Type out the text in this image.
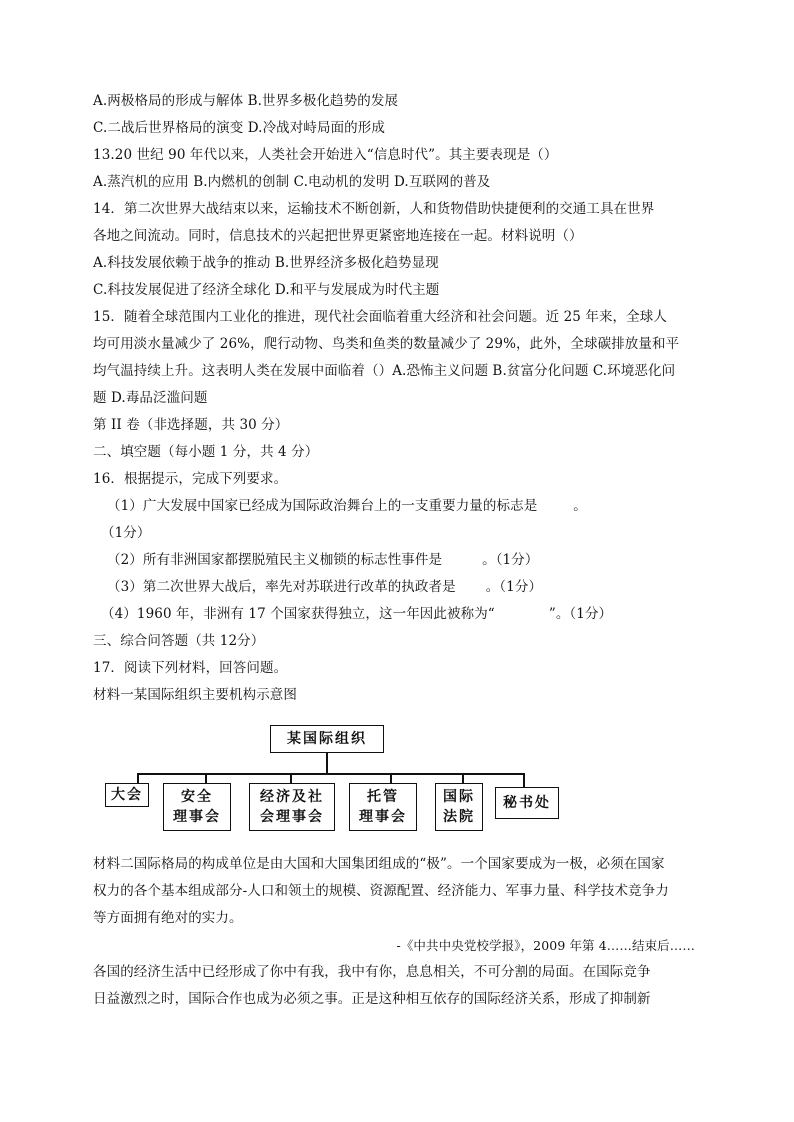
A.两极格局的形成与解体 B.世界多极化趋势的发展
C.二战后世界格局的演变 D.冷战对峙局面的形成
13.20 世纪 90 年代以来，人类社会开始进入“信息时代”。其主要表现是（）
A.蒸汽机的应用 B.内燃机的创制 C.电动机的发明 D.互联网的普及
14．第二次世界大战结束以来，运输技术不断创新，人和货物借助快捷便利的交通工具在世界
各地之间流动。同时，信息技术的兴起把世界更紧密地连接在一起。材料说明（）
A.科技发展依赖于战争的推动 B.世界经济多极化趋势显现
C.科技发展促进了经济全球化 D.和平与发展成为时代主题
15．随着全球范围内工业化的推进，现代社会面临着重大经济和社会问题。近 25 年来，全球人
均可用淡水量减少了 26%，爬行动物、鸟类和鱼类的数量减少了 29%，此外，全球碳排放量和平
均气温持续上升。这表明人类在发展中面临着（）A.恐怖主义问题 B.贫富分化问题 C.环境恶化问
题 D.毒品泛滥问题
第 II 卷（非选择题，共 30 分）
二、填空题（每小题 1 分，共 4 分）
16．根据提示，完成下列要求。
（1）广大发展中国家已经成为国际政治舞台上的一支重要力量的标志是	。
（1分）
（2）所有非洲国家都摆脱殖民主义枷锁的标志性事件是	。（1分）
（3）第二次世界大战后，率先对苏联进行改革的执政者是 。（1分）
（4）1960 年，非洲有 17 个国家获得独立，这一年因此被称为“	”。（1分）
三、综合问答题（共 12分）
17．阅读下列材料，回答问题。
材料一某国际组织主要机构示意图
某国际组织
大会	安全
理事会
经济及社
会理事会
托管
理事会
国际
法院
秘书处
材料二国际格局的构成单位是由大国和大国集团组成的“极”。一个国家要成为一极，必须在国家
权力的各个基本组成部分-人口和领土的规模、资源配置、经济能力、军事力量、科学技术竞争力
等方面拥有绝对的实力。
-《中共中央党校学报》，2009 年第 4……结束后……
各国的经济生活中已经形成了你中有我，我中有你，息息相关，不可分割的局面。在国际竞争
日益激烈之时，国际合作也成为必须之事。正是这种相互依存的国际经济关系，形成了抑制新
